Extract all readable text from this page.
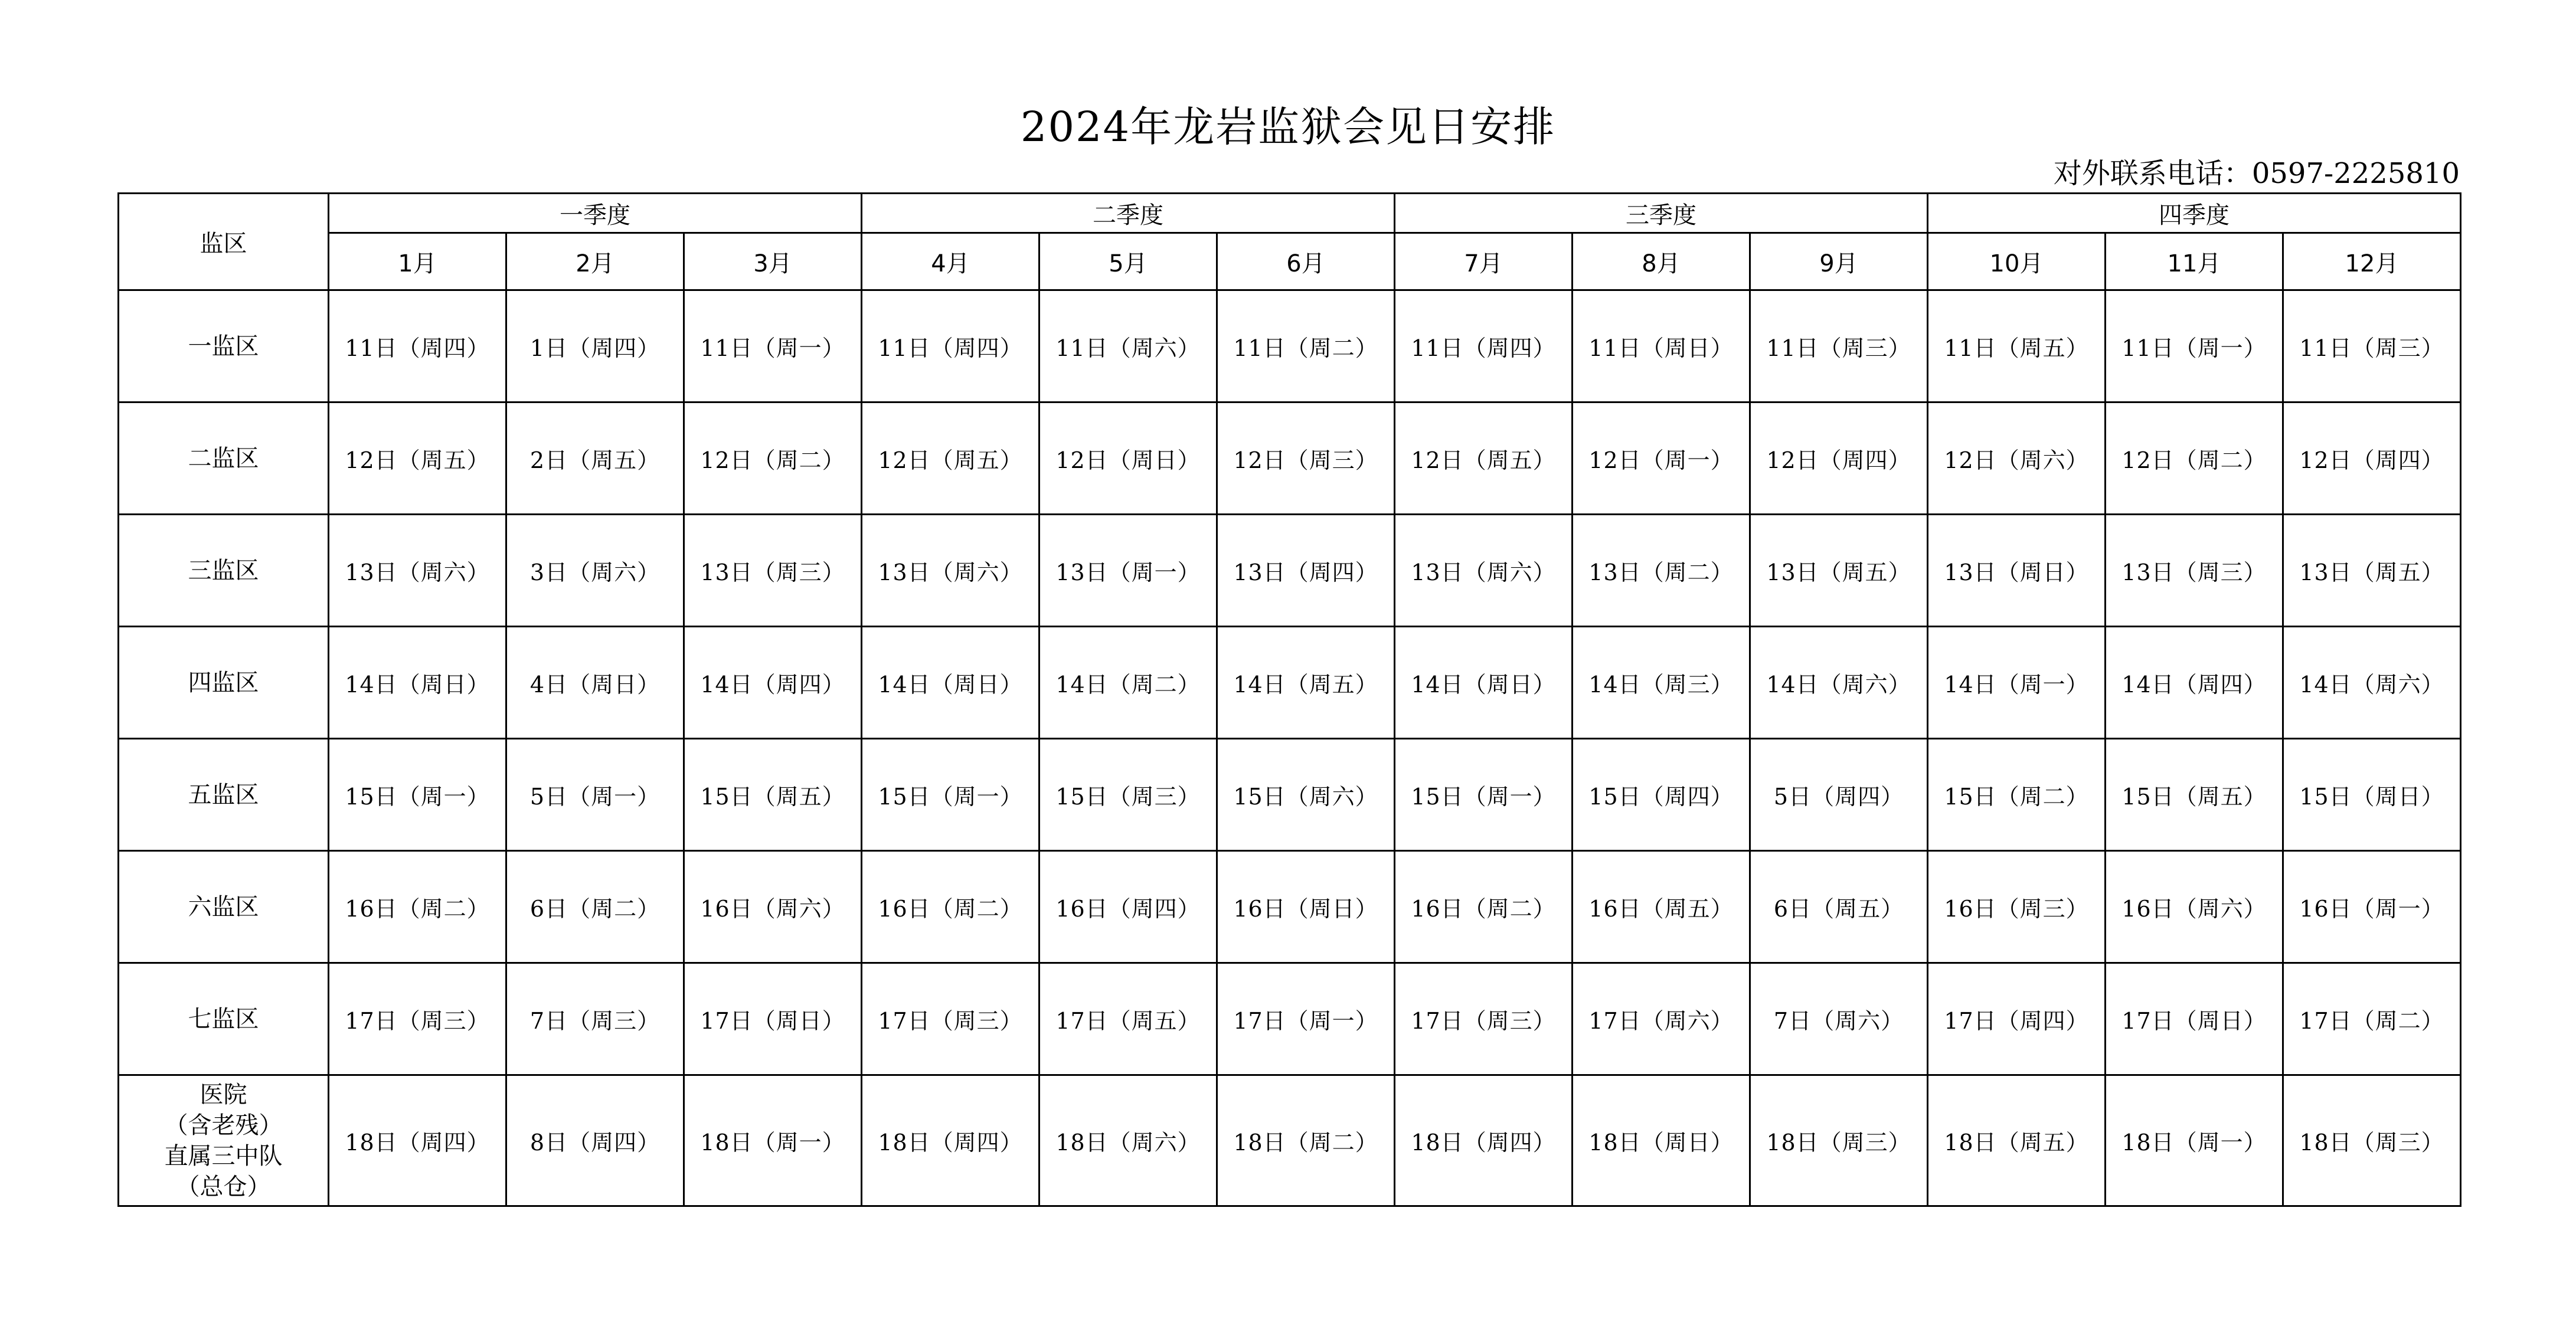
2024年龙岩监狱会见日安排
对外联系电话：0597-2225810
监区	一季度			二季度			三季度			四季度		
	1月	2月	3月	4月	5月	6月	7月	8月	9月	10月	11月	12月

一监区	11日（周四）	1日（周四）	11日（周一）	11日（周四）	11日（周六）	11日（周二）	11日（周四）	11日（周日）	11日（周三）	11日（周五）	11日（周一）	11日（周三）

二监区	12日（周五）	2日（周五）	12日（周二）	12日（周五）	12日（周日）	12日（周三）	12日（周五）	12日（周一）	12日（周四）	12日（周六）	12日（周二）	12日（周四）

三监区	13日（周六）	3日（周六）	13日（周三）	13日（周六）	13日（周一）	13日（周四）	13日（周六）	13日（周二）	13日（周五）	13日（周日）	13日（周三）	13日（周五）

四监区	14日（周日）	4日（周日）	14日（周四）	14日（周日）	14日（周二）	14日（周五）	14日（周日）	14日（周三）	14日（周六）	14日（周一）	14日（周四）	14日（周六）

五监区	15日（周一）	5日（周一）	15日（周五）	15日（周一）	15日（周三）	15日（周六）	15日（周一）	15日（周四）	5日（周四）	15日（周二）	15日（周五）	15日（周日）

六监区	16日（周二）	6日（周二）	16日（周六）	16日（周二）	16日（周四）	16日（周日）	16日（周二）	16日（周五）	6日（周五）	16日（周三）	16日（周六）	16日（周一）

七监区	17日（周三）	7日（周三）	17日（周日）	17日（周三）	17日（周五）	17日（周一）	17日（周三）	17日（周六）	7日（周六）	17日（周四）	17日（周日）	17日（周二）

医院
（含老残）
直属三中队
（总仓）	18日（周四）	8日（周四）	18日（周一）	18日（周四）	18日（周六）	18日（周二）	18日（周四）	18日（周日）	18日（周三）	18日（周五）	18日（周一）	18日（周三）
